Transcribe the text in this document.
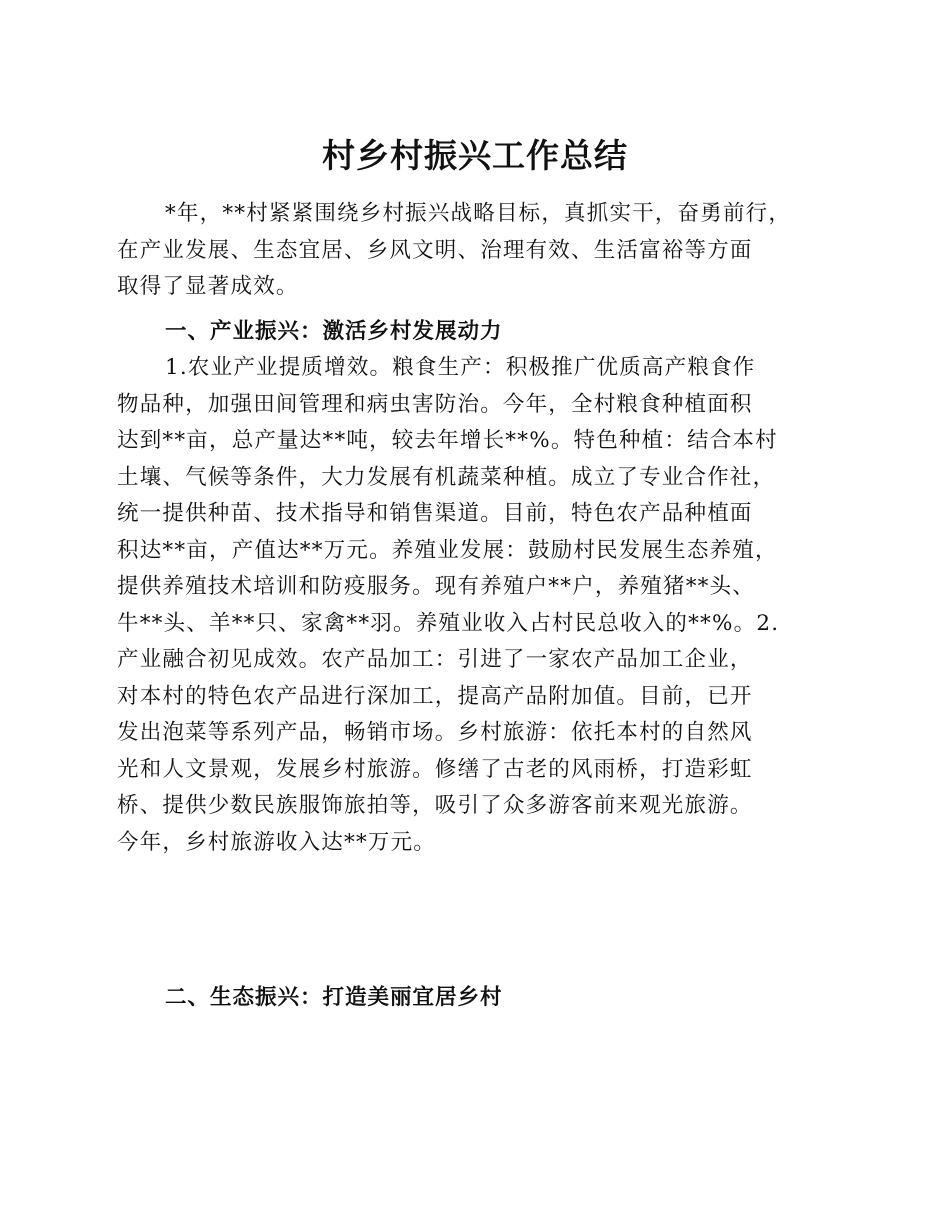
村乡村振兴工作总结
*年，**村紧紧围绕乡村振兴战略目标，真抓实干，奋勇前行，
在产业发展、生态宜居、乡风文明、治理有效、生活富裕等方面
取得了显著成效。
一、产业振兴：激活乡村发展动力
1.农业产业提质增效。粮食生产：积极推广优质高产粮食作
物品种，加强田间管理和病虫害防治。今年，全村粮食种植面积
达到**亩，总产量达**吨，较去年增长**%。特色种植：结合本村
土壤、气候等条件，大力发展有机蔬菜种植。成立了专业合作社，
统一提供种苗、技术指导和销售渠道。目前，特色农产品种植面
积达**亩，产值达**万元。养殖业发展：鼓励村民发展生态养殖，
提供养殖技术培训和防疫服务。现有养殖户**户，养殖猪**头、
牛**头、羊**只、家禽**羽。养殖业收入占村民总收入的**%。2.
产业融合初见成效。农产品加工：引进了一家农产品加工企业，
对本村的特色农产品进行深加工，提高产品附加值。目前，已开
发出泡菜等系列产品，畅销市场。乡村旅游：依托本村的自然风
光和人文景观，发展乡村旅游。修缮了古老的风雨桥，打造彩虹
桥、提供少数民族服饰旅拍等，吸引了众多游客前来观光旅游。
今年，乡村旅游收入达**万元。
二、生态振兴：打造美丽宜居乡村
